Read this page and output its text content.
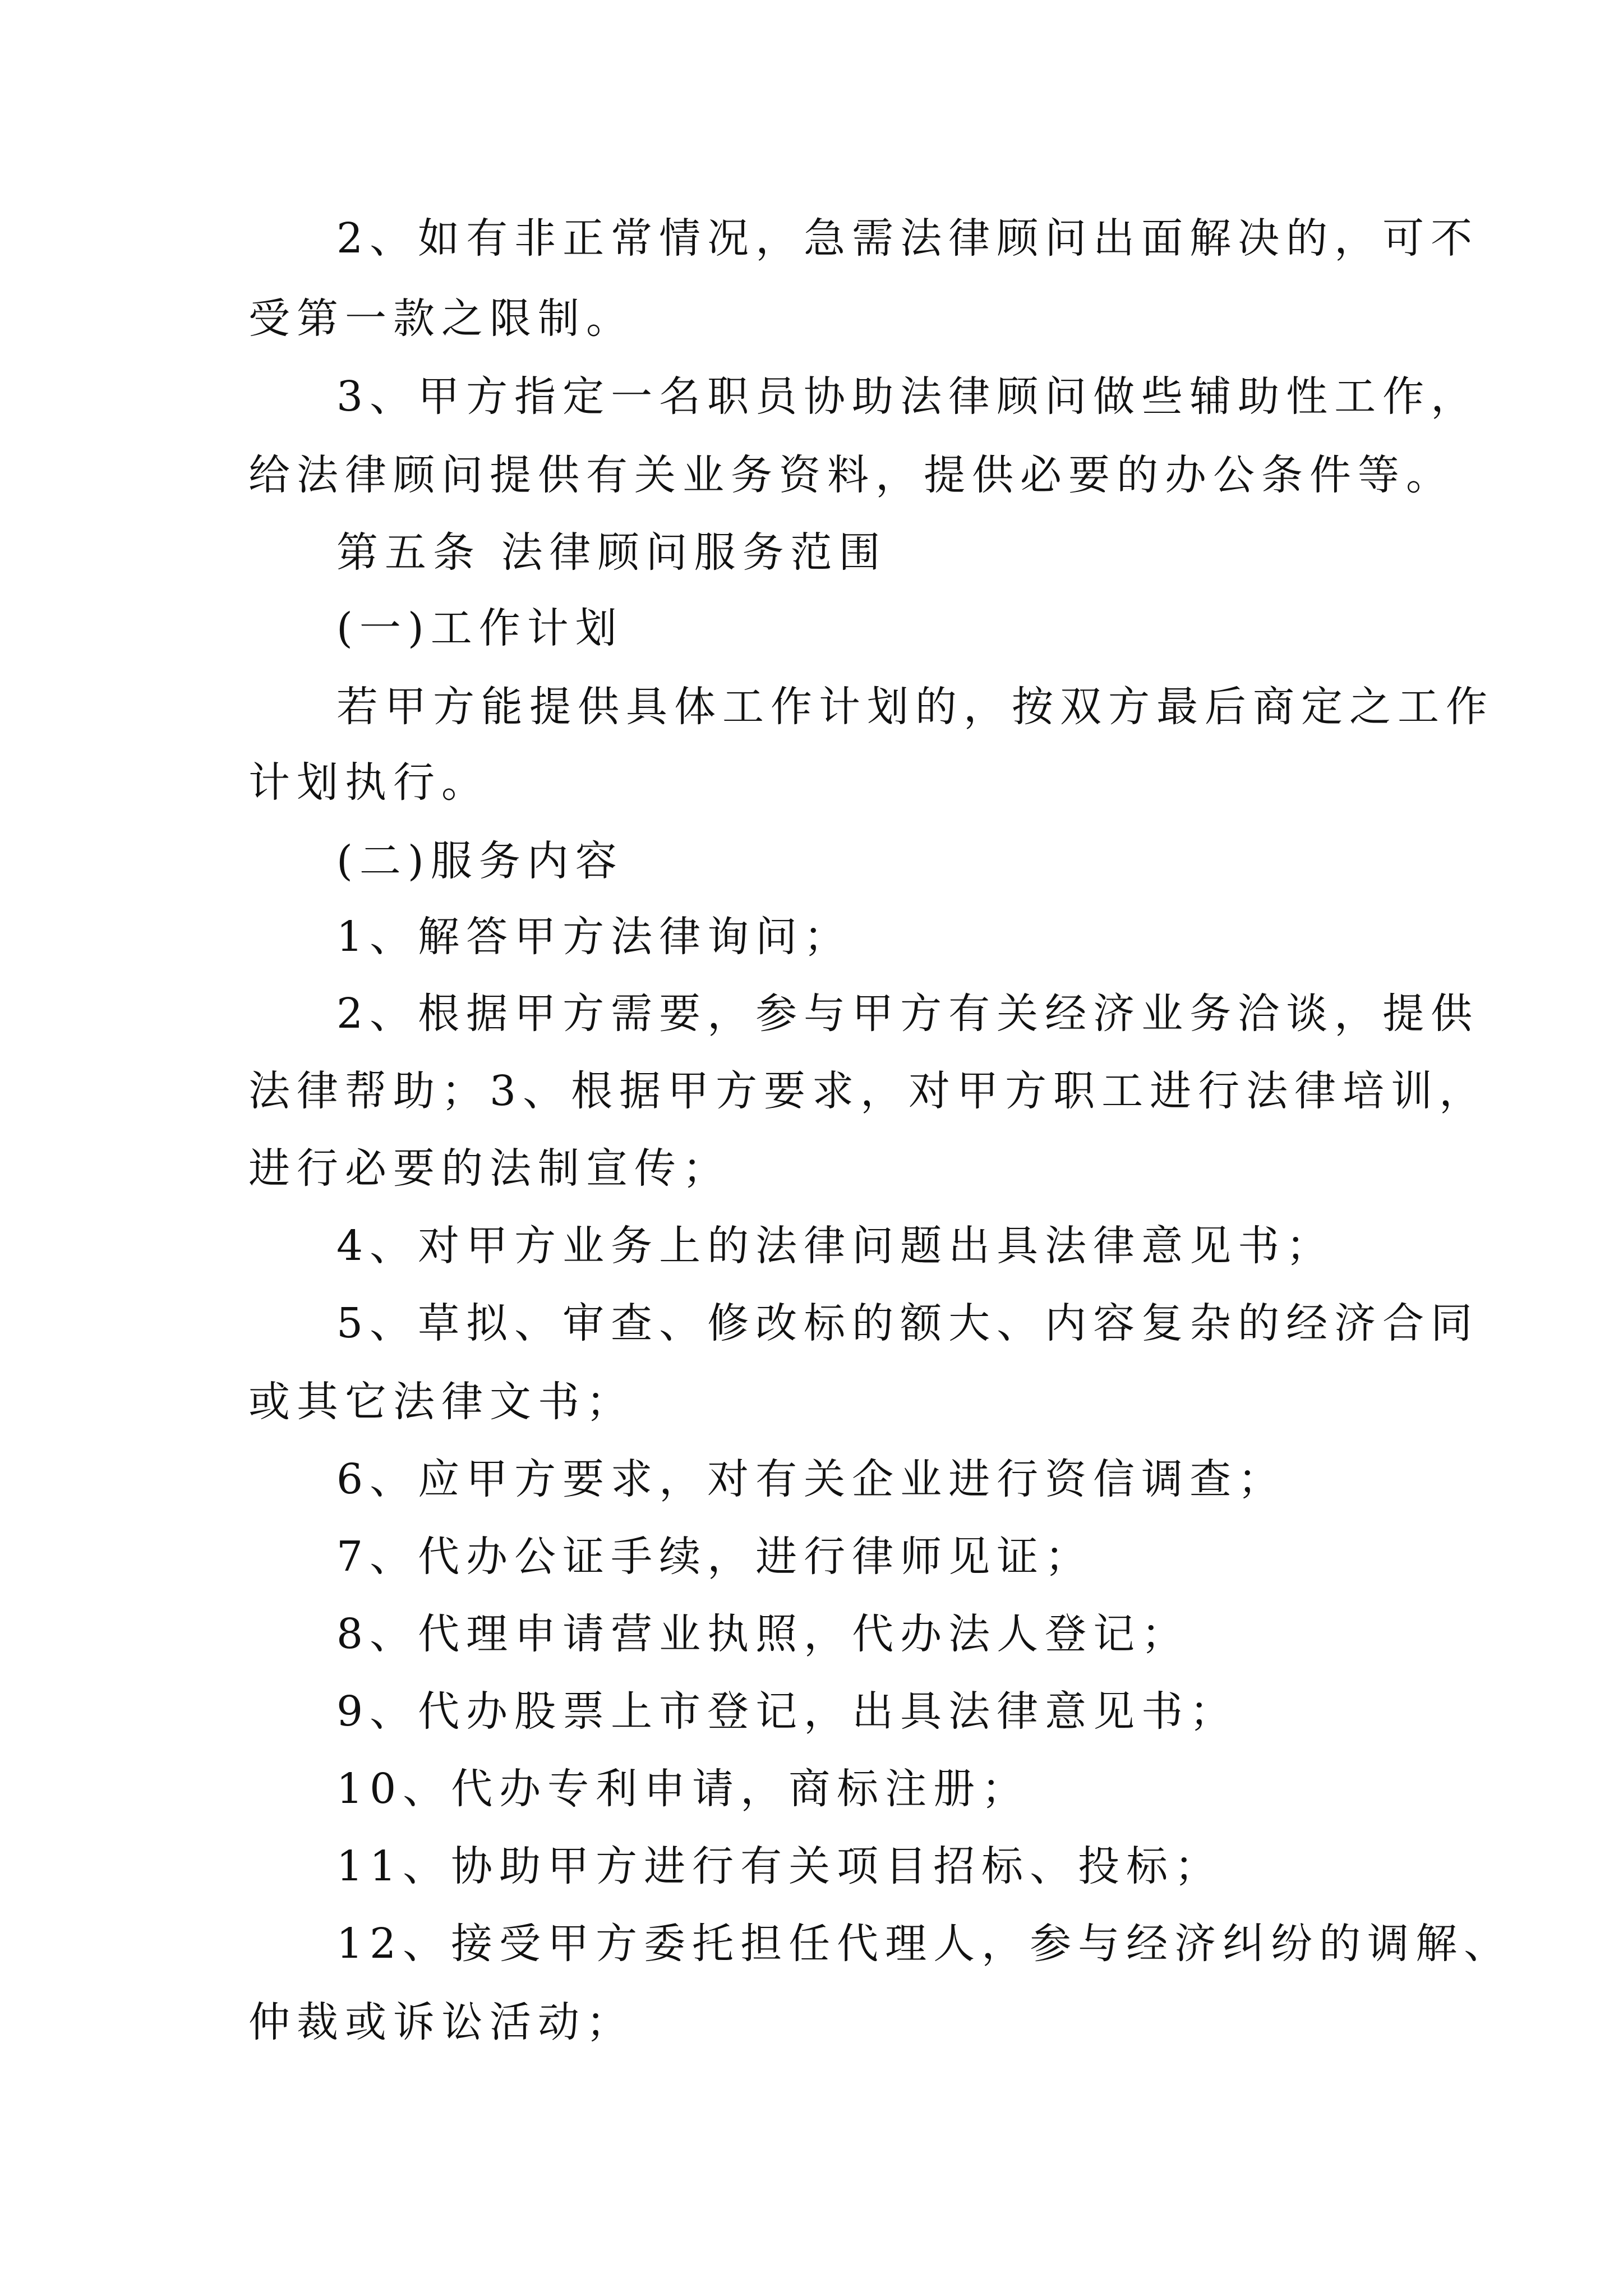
2、如有非正常情况，急需法律顾问出面解决的，可不
受第一款之限制。
3、甲方指定一名职员协助法律顾问做些辅助性工作，
给法律顾问提供有关业务资料，提供必要的办公条件等。
第五条 法律顾问服务范围
(一)工作计划
若甲方能提供具体工作计划的，按双方最后商定之工作
计划执行。
(二)服务内容
1、解答甲方法律询问；
2、根据甲方需要，参与甲方有关经济业务洽谈，提供
法律帮助；3、根据甲方要求，对甲方职工进行法律培训，
进行必要的法制宣传；
4、对甲方业务上的法律问题出具法律意见书；
5、草拟、审查、修改标的额大、内容复杂的经济合同
或其它法律文书；
6、应甲方要求，对有关企业进行资信调查；
7、代办公证手续，进行律师见证；
8、代理申请营业执照，代办法人登记；
9、代办股票上市登记，出具法律意见书；
10、代办专利申请，商标注册；
11、协助甲方进行有关项目招标、投标；
12、接受甲方委托担任代理人，参与经济纠纷的调解、
仲裁或诉讼活动；
